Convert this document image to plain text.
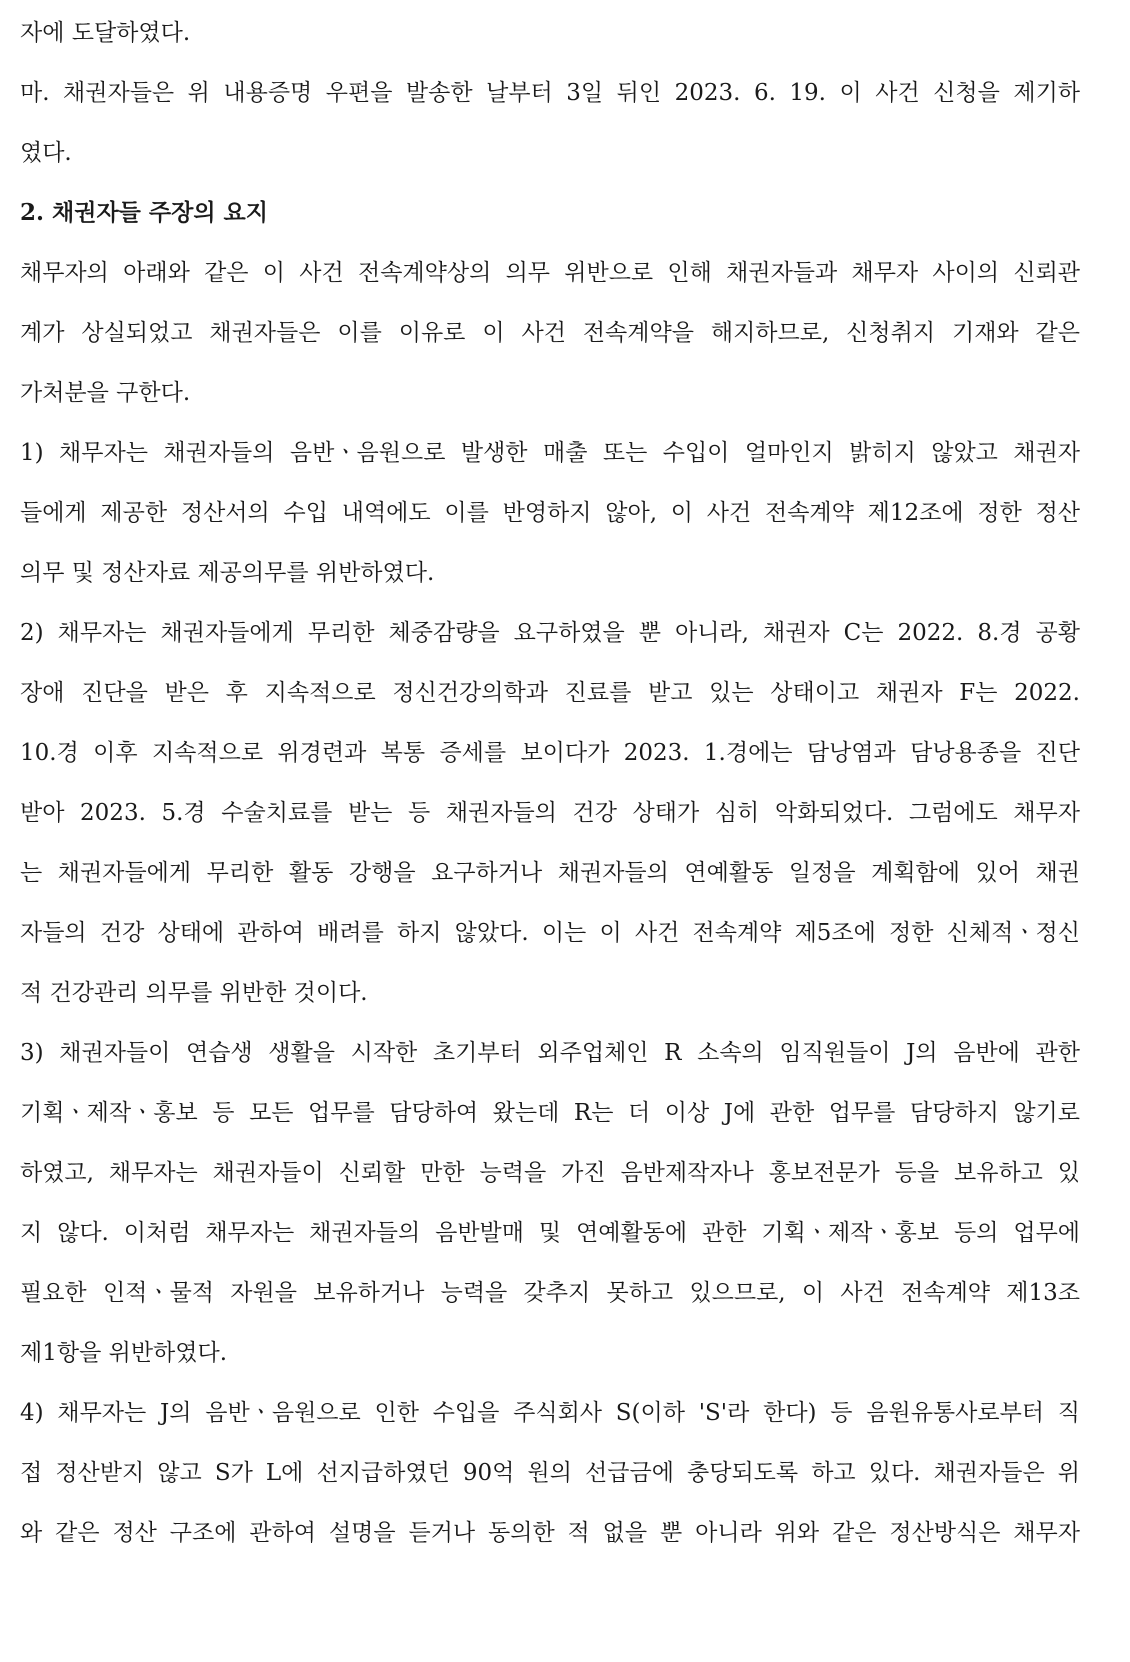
자에 도달하였다.
마. 채권자들은 위 내용증명 우편을 발송한 날부터 3일 뒤인 2023. 6. 19. 이 사건 신청을 제기하
였다.
2. 채권자들 주장의 요지
채무자의 아래와 같은 이 사건 전속계약상의 의무 위반으로 인해 채권자들과 채무자 사이의 신뢰관
계가 상실되었고 채권자들은 이를 이유로 이 사건 전속계약을 해지하므로, 신청취지 기재와 같은
가처분을 구한다.
1) 채무자는 채권자들의 음반ㆍ음원으로 발생한 매출 또는 수입이 얼마인지 밝히지 않았고 채권자
들에게 제공한 정산서의 수입 내역에도 이를 반영하지 않아, 이 사건 전속계약 제12조에 정한 정산
의무 및 정산자료 제공의무를 위반하였다.
2) 채무자는 채권자들에게 무리한 체중감량을 요구하였을 뿐 아니라, 채권자 C는 2022. 8.경 공황
장애 진단을 받은 후 지속적으로 정신건강의학과 진료를 받고 있는 상태이고 채권자 F는 2022.
10.경 이후 지속적으로 위경련과 복통 증세를 보이다가 2023. 1.경에는 담낭염과 담낭용종을 진단
받아 2023. 5.경 수술치료를 받는 등 채권자들의 건강 상태가 심히 악화되었다. 그럼에도 채무자
는 채권자들에게 무리한 활동 강행을 요구하거나 채권자들의 연예활동 일정을 계획함에 있어 채권
자들의 건강 상태에 관하여 배려를 하지 않았다. 이는 이 사건 전속계약 제5조에 정한 신체적ㆍ정신
적 건강관리 의무를 위반한 것이다.
3) 채권자들이 연습생 생활을 시작한 초기부터 외주업체인 R 소속의 임직원들이 J의 음반에 관한
기획ㆍ제작ㆍ홍보 등 모든 업무를 담당하여 왔는데 R는 더 이상 J에 관한 업무를 담당하지 않기로
하였고, 채무자는 채권자들이 신뢰할 만한 능력을 가진 음반제작자나 홍보전문가 등을 보유하고 있
지 않다. 이처럼 채무자는 채권자들의 음반발매 및 연예활동에 관한 기획ㆍ제작ㆍ홍보 등의 업무에
필요한 인적ㆍ물적 자원을 보유하거나 능력을 갖추지 못하고 있으므로, 이 사건 전속계약 제13조
제1항을 위반하였다.
4) 채무자는 J의 음반ㆍ음원으로 인한 수입을 주식회사 S(이하 'S'라 한다) 등 음원유통사로부터 직
접 정산받지 않고 S가 L에 선지급하였던 90억 원의 선급금에 충당되도록 하고 있다. 채권자들은 위
와 같은 정산 구조에 관하여 설명을 듣거나 동의한 적 없을 뿐 아니라 위와 같은 정산방식은 채무자
